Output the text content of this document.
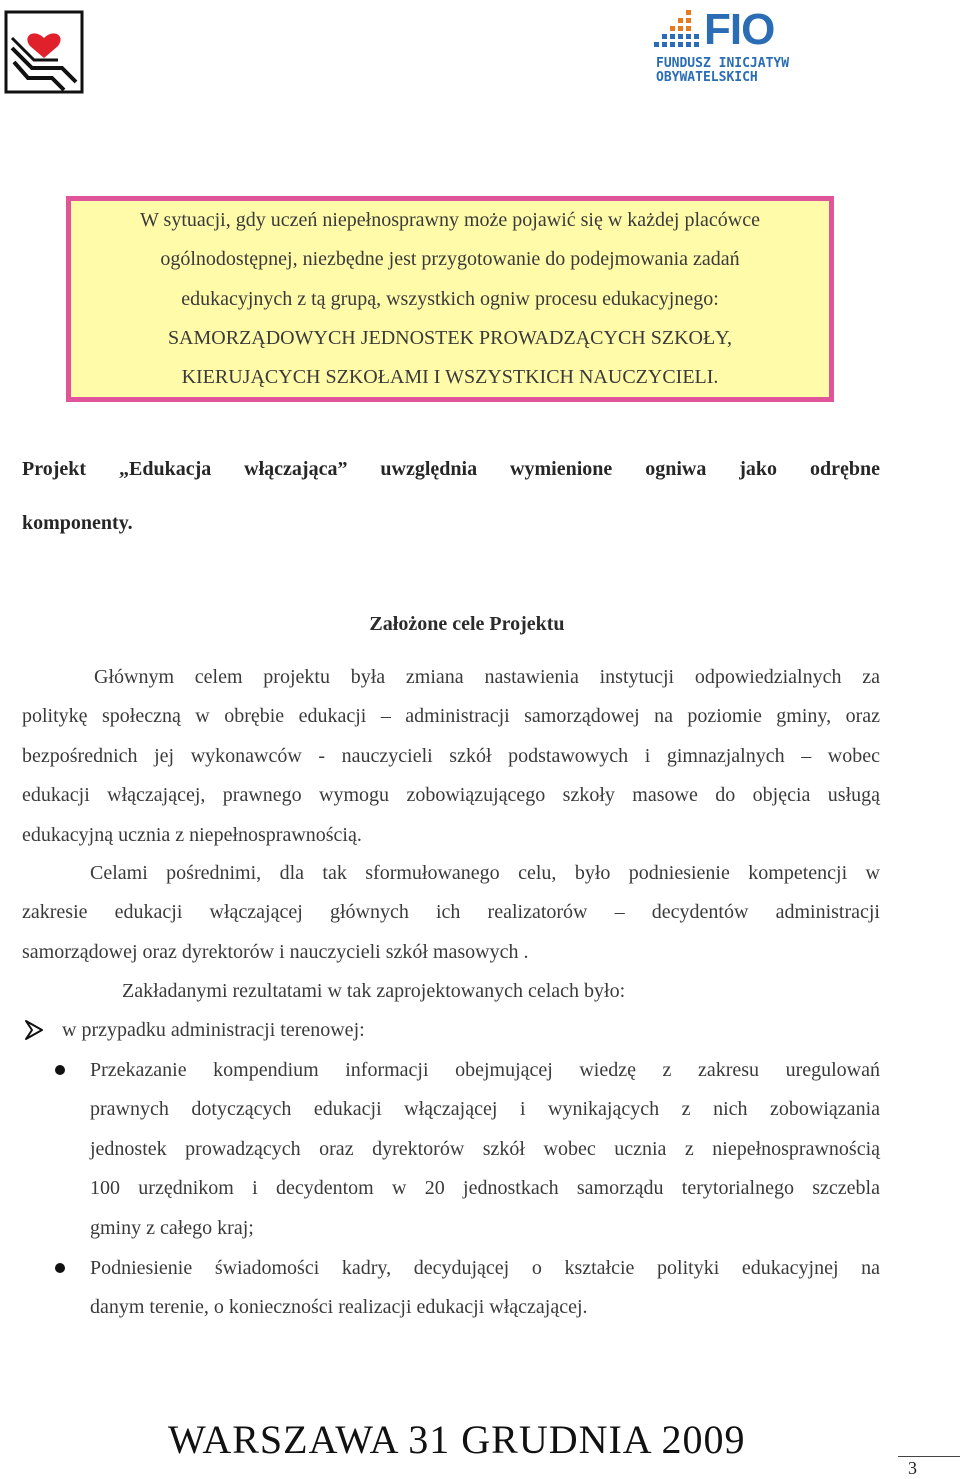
FIO
FUNDUSZ INICJATYW
OBYWATELSKICH
W sytuacji, gdy uczeń niepełnosprawny może pojawić się w każdej placówce
ogólnodostępnej, niezbędne jest przygotowanie do podejmowania zadań
edukacyjnych z tą grupą, wszystkich ogniw procesu edukacyjnego:
SAMORZĄDOWYCH JEDNOSTEK PROWADZĄCYCH SZKOŁY,
KIERUJĄCYCH SZKOŁAMI I WSZYSTKICH NAUCZYCIELI.
Projekt „Edukacja włączająca” uwzględnia wymienione ogniwa jako odrębne
komponenty.
Założone cele Projektu
Głównym celem projektu była zmiana nastawienia instytucji odpowiedzialnych za
politykę społeczną w obrębie edukacji – administracji samorządowej na poziomie gminy, oraz
bezpośrednich jej wykonawców - nauczycieli szkół podstawowych i gimnazjalnych – wobec
edukacji włączającej, prawnego wymogu zobowiązującego szkoły masowe do objęcia usługą
edukacyjną ucznia z niepełnosprawnością.
Celami pośrednimi, dla tak sformułowanego celu, było podniesienie kompetencji w
zakresie edukacji włączającej głównych ich realizatorów – decydentów administracji
samorządowej oraz dyrektorów i nauczycieli szkół masowych .
Zakładanymi rezultatami w tak zaprojektowanych celach było:
w przypadku administracji terenowej:
Przekazanie kompendium informacji obejmującej wiedzę z zakresu uregulowań
prawnych dotyczących edukacji włączającej i wynikających z nich zobowiązania
jednostek prowadzących oraz dyrektorów szkół wobec ucznia z niepełnosprawnością
100 urzędnikom i decydentom w 20 jednostkach samorządu terytorialnego szczebla
gminy z całego kraj;
Podniesienie świadomości kadry, decydującej o kształcie polityki edukacyjnej na
danym terenie, o konieczności realizacji edukacji włączającej.
WARSZAWA 31 GRUDNIA 2009
3
